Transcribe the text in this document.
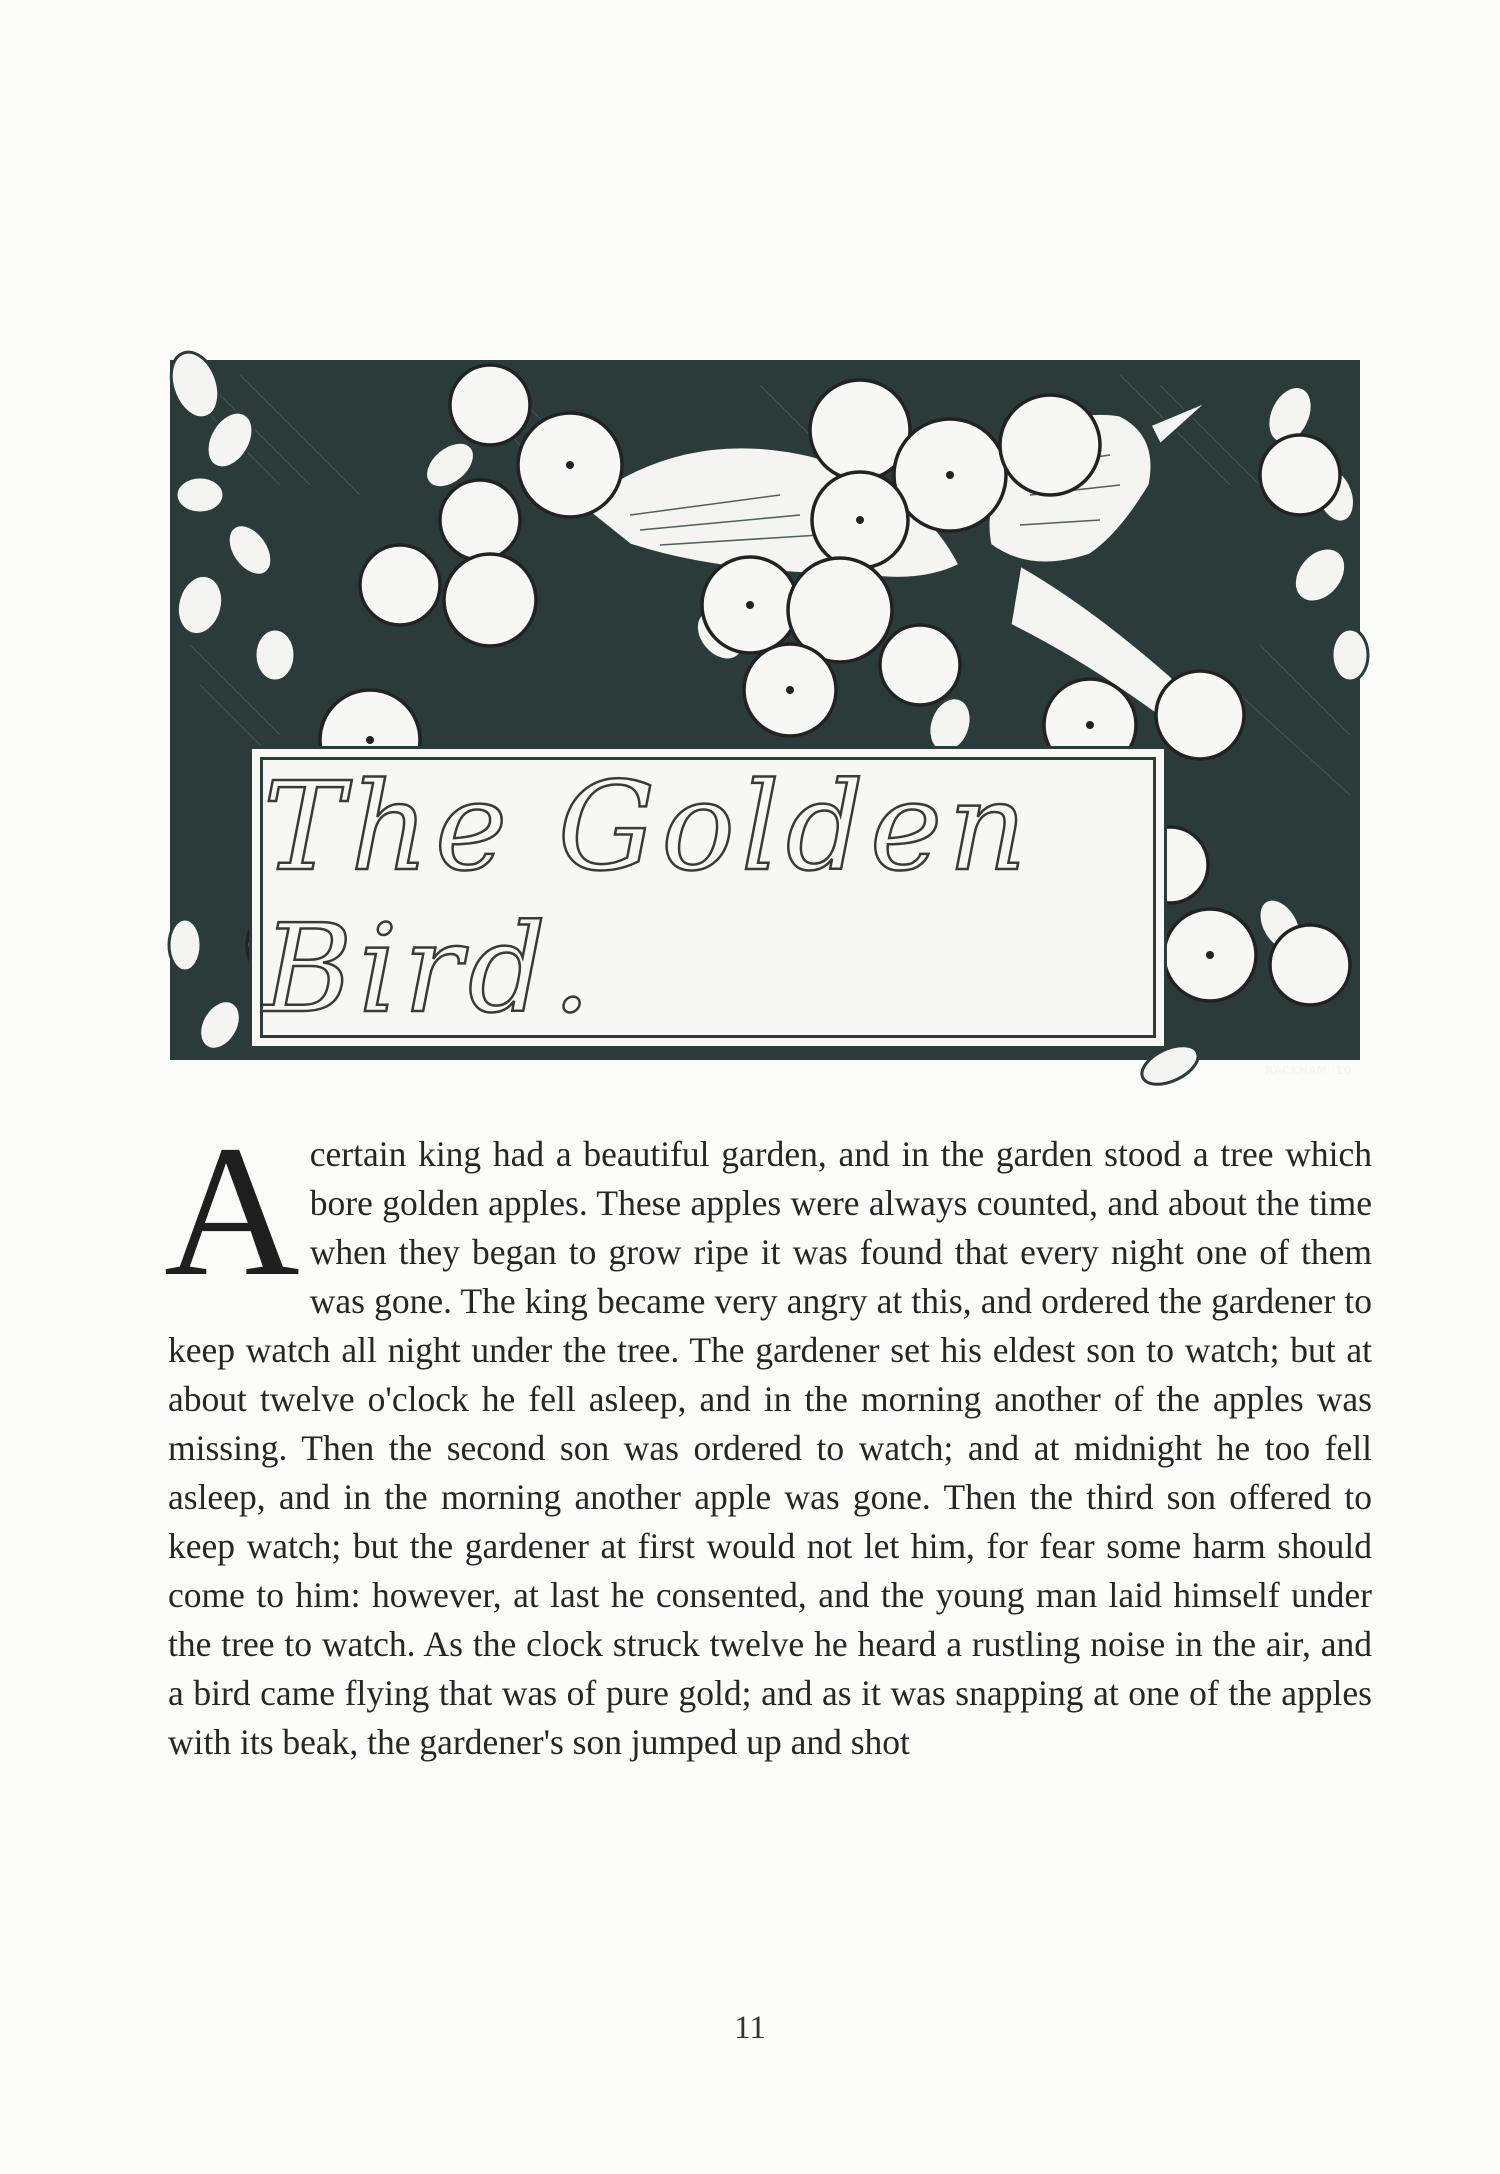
The Golden Bird.
RACKHAM '10
A certain king had a beautiful garden, and in the garden stood a tree which bore golden apples. These apples were always counted, and about the time when they began to grow ripe it was found that every night one of them was gone. The king became very angry at this, and ordered the gardener to keep watch all night under the tree. The gardener set his eldest son to watch; but at about twelve o'clock he fell asleep, and in the morning another of the apples was missing. Then the second son was ordered to watch; and at midnight he too fell asleep, and in the morning another apple was gone. Then the third son offered to keep watch; but the gardener at first would not let him, for fear some harm should come to him: however, at last he consented, and the young man laid himself under the tree to watch. As the clock struck twelve he heard a rustling noise in the air, and a bird came flying that was of pure gold; and as it was snapping at one of the apples with its beak, the gardener's son jumped up and shot

11
